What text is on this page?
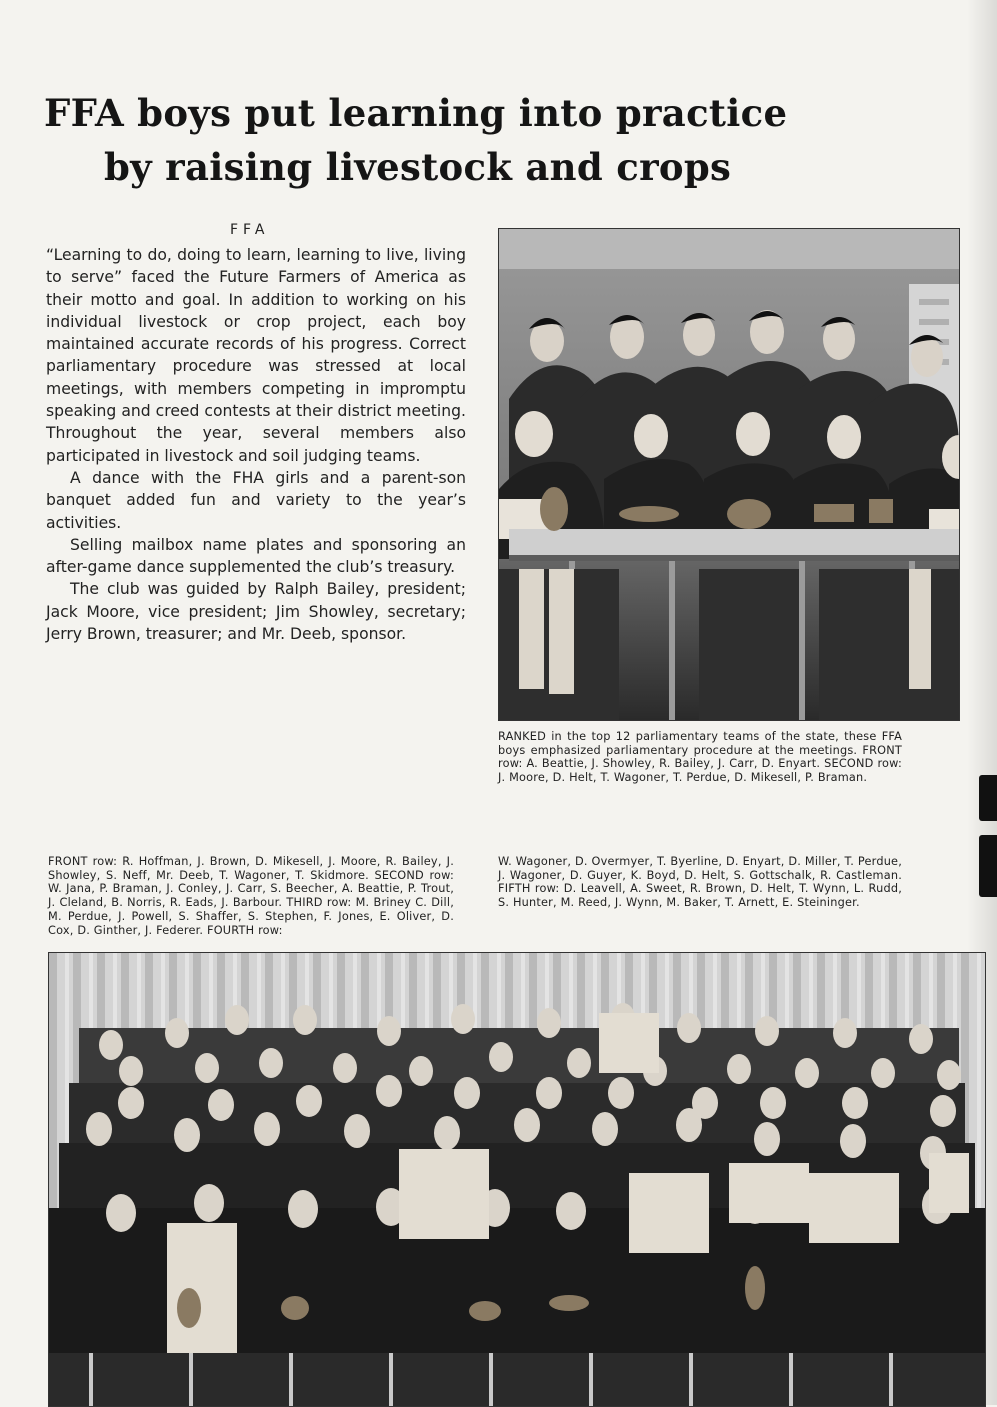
FFA boys put learning into practice
by raising livestock and crops
FFA

“Learning to do, doing to learn, learning to live, living to serve” faced the Future Farmers of America as their motto and goal. In addition to working on his individual livestock or crop project, each boy maintained accurate records of his progress. Correct parliamentary procedure was stressed at local meetings, with members competing in impromptu speaking and creed contests at their district meeting. Throughout the year, several members also participated in livestock and soil judging teams.

A dance with the FHA girls and a parent-son banquet added fun and variety to the year’s activities.

Selling mailbox name plates and sponsoring an after-game dance supplemented the club’s treasury.

The club was guided by Ralph Bailey, president; Jack Moore, vice president; Jim Showley, secretary; Jerry Brown, treasurer; and Mr. Deeb, sponsor.

RANKED in the top 12 parliamentary teams of the state, these FFA boys emphasized parliamentary procedure at the meetings. FRONT row: A. Beattie, J. Showley, R. Bailey, J. Carr, D. Enyart. SECOND row: J. Moore, D. Helt, T. Wagoner, T. Perdue, D. Mikesell, P. Braman.

FRONT row: R. Hoffman, J. Brown, D. Mikesell, J. Moore, R. Bailey, J. Showley, S. Neff, Mr. Deeb, T. Wagoner, T. Skidmore. SECOND row: W. Jana, P. Braman, J. Conley, J. Carr, S. Beecher, A. Beattie, P. Trout, J. Cleland, B. Norris, R. Eads, J. Barbour. THIRD row: M. Briney C. Dill, M. Perdue, J. Powell, S. Shaffer, S. Stephen, F. Jones, E. Oliver, D. Cox, D. Ginther, J. Federer. FOURTH row:

W. Wagoner, D. Overmyer, T. Byerline, D. Enyart, D. Miller, T. Perdue, J. Wagoner, D. Guyer, K. Boyd, D. Helt, S. Gottschalk, R. Castleman. FIFTH row: D. Leavell, A. Sweet, R. Brown, D. Helt, T. Wynn, L. Rudd, S. Hunter, M. Reed, J. Wynn, M. Baker, T. Arnett, E. Steininger.
